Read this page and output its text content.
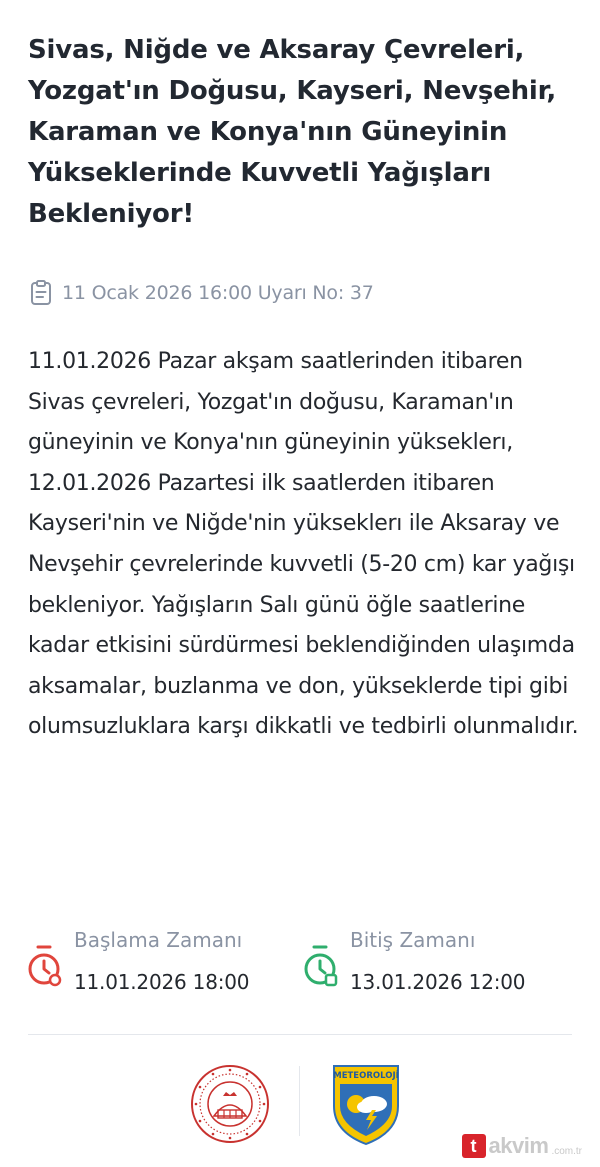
Sivas, Niğde ve Aksaray Çevreleri, Yozgat'ın Doğusu, Kayseri, Nevşehir, Karaman ve Konya'nın Güneyinin Yükseklerinde Kuvvetli Yağışları Bekleniyor!
11 Ocak 2026 16:00 Uyarı No: 37

11.01.2026 Pazar akşam saatlerinden itibaren Sivas çevreleri, Yozgat'ın doğusu, Karaman'ın güneyinin ve Konya'nın güneyinin yükseklerı, 12.01.2026 Pazartesi ilk saatlerden itibaren Kayseri'nin ve Niğde'nin yükseklerı ile Aksaray ve Nevşehir çevrelerinde kuvvetli (5-20 cm) kar yağışı bekleniyor. Yağışların Salı günü öğle saatlerine kadar etkisini sürdürmesi beklendiğinden ulaşımda aksamalar, buzlanma ve don, yükseklerde tipi gibi olumsuzluklara karşı dikkatli ve tedbirli olunmalıdır.

Başlama Zamanı
11.01.2026 18:00
Bitiş Zamanı
13.01.2026 12:00
METEOROLOJİ
t akvim .com.tr
